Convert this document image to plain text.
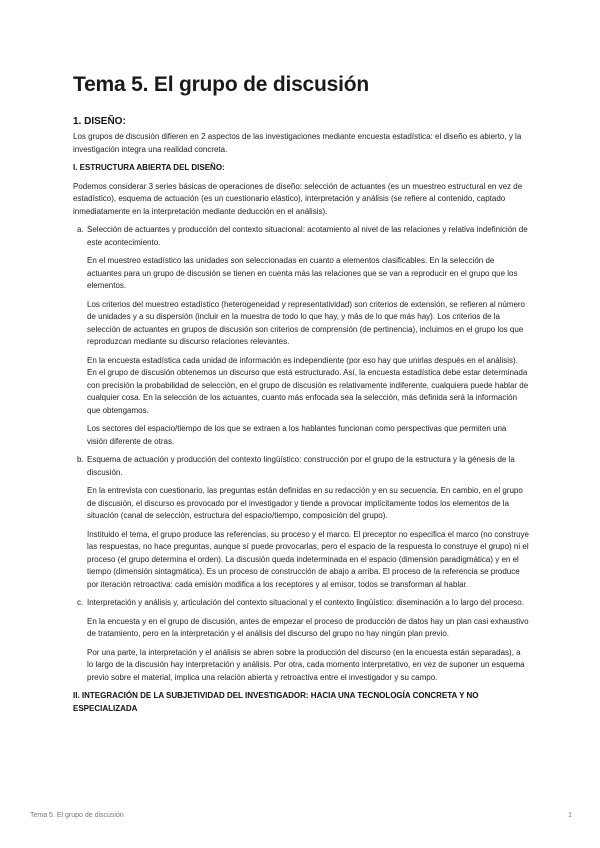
Tema 5. El grupo de discusión
1. DISEÑO:

Los grupos de discusión difieren en 2 aspectos de las investigaciones mediante encuesta estadística: el diseño es abierto, y la investigación integra una realidad concreta.

I. ESTRUCTURA ABIERTA DEL DISEÑO:

Podemos considerar 3 series básicas de operaciones de diseño: selección de actuantes (es un muestreo estructural en vez de estadístico), esquema de actuación (es un cuestionario elástico), interpretación y análisis (se refiere al contenido, captado inmediatamente en la interpretación mediante deducción en el análisis).

a. Selección de actuantes y producción del contexto situacional: acotamiento al nivel de las relaciones y relativa indefinición de este acontecimiento.

En el muestreo estadístico las unidades son seleccionadas en cuanto a elementos clasificables. En la selección de actuantes para un grupo de discusión se tienen en cuenta más las relaciones que se van a reproducir en el grupo que los elementos.

Los criterios del muestreo estadístico (heterogeneidad y representatividad) son criterios de extensión, se refieren al número de unidades y a su dispersión (incluir en la muestra de todo lo que hay, y más de lo que más hay). Los criterios de la selección de actuantes en grupos de discusión son criterios de comprensión (de pertinencia), incluimos en el grupo los que reproduzcan mediante su discurso relaciones relevantes.

En la encuesta estadística cada unidad de información es independiente (por eso hay que unirlas después en el análisis). En el grupo de discusión obtenemos un discurso que está estructurado. Así, la encuesta estadística debe estar determinada con precisión la probabilidad de selección, en el grupo de discusión es relativamente indiferente, cualquiera puede hablar de cualquier cosa. En la selección de los actuantes, cuanto más enfocada sea la selección, más definida será la información que obtengamos.

Los sectores del espacio/tiempo de los que se extraen a los hablantes funcionan como perspectivas que permiten una visión diferente de otras.

b. Esquema de actuación y producción del contexto lingüístico: construcción por el grupo de la estructura y la génesis de la discusión.

En la entrevista con cuestionario, las preguntas están definidas en su redacción y en su secuencia. En cambio, en el grupo de discusión, el discurso es provocado por el investigador y tiende a provocar implícitamente todos los elementos de la situación (canal de selección, estructura del espacio/tiempo, composición del grupo).

Instituido el tema, el grupo produce las referencias, su proceso y el marco. El preceptor no especifica el marco (no construye las respuestas, no hace preguntas, aunque sí puede provocarlas, pero el espacio de la respuesta lo construye el grupo) ni el proceso (el grupo determina el orden). La discusión queda indeterminada en el espacio (dimensión paradigmática) y en el tiempo (dimensión sintagmática). Es un proceso de construcción de abajo a arriba. El proceso de la referencia se produce por iteración retroactiva: cada emisión modifica a los receptores y al emisor, todos se transforman al hablar.

c. Interpretación y análisis y, articulación del contexto situacional y el contexto lingüístico: diseminación a lo largo del proceso.

En la encuesta y en el grupo de discusión, antes de empezar el proceso de producción de datos hay un plan casi exhaustivo de tratamiento, pero en la interpretación y el análisis del discurso del grupo no hay ningún plan previo.

Por una parte, la interpretación y el análisis se abren sobre la producción del discurso (en la encuesta están separadas), a lo largo de la discusión hay interpretación y análisis. Por otra, cada momento interpretativo, en vez de suponer un esquema previo sobre el material, implica una relación abierta y retroactiva entre el investigador y su campo.

II. INTEGRACIÓN DE LA SUBJETIVIDAD DEL INVESTIGADOR: HACIA UNA TECNOLOGÍA CONCRETA Y NO ESPECIALIZADA
Tema 5. El grupo de discusión	1
